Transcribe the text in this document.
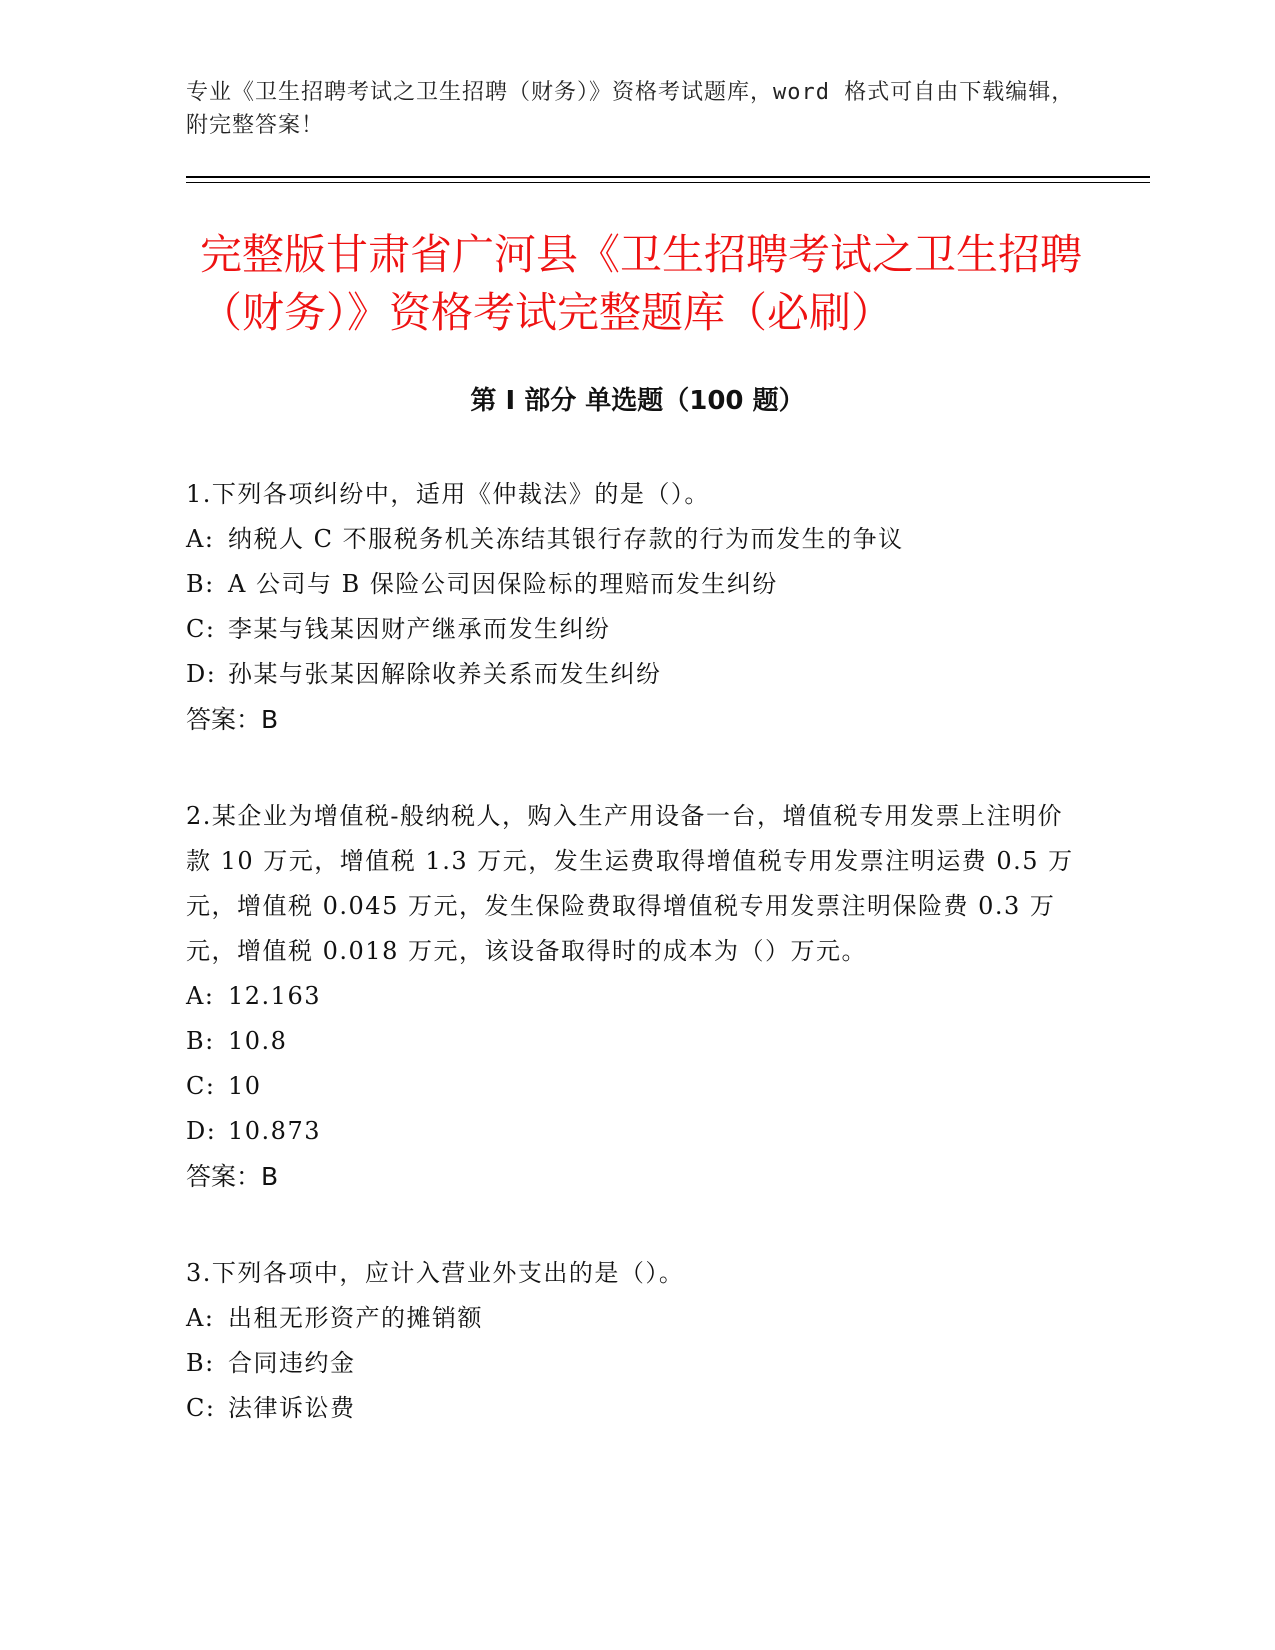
专业《卫生招聘考试之卫生招聘（财务）》资格考试题库，word 格式可自由下载编辑，附完整答案！
完整版甘肃省广河县《卫生招聘考试之卫生招聘（财务）》资格考试完整题库（必刷）
第 I 部分 单选题（100 题）

1.下列各项纠纷中，适用《仲裁法》的是（）。

A: 纳税人 C 不服税务机关冻结其银行存款的行为而发生的争议
B: A 公司与 B 保险公司因保险标的理赔而发生纠纷
C: 李某与钱某因财产继承而发生纠纷
D: 孙某与张某因解除收养关系而发生纠纷
答案：B

2.某企业为增值税-般纳税人，购入生产用设备一台，增值税专用发票上注明价款 10 万元，增值税 1.3 万元，发生运费取得增值税专用发票注明运费 0.5 万元，增值税 0.045 万元，发生保险费取得增值税专用发票注明保险费 0.3 万元，增值税 0.018 万元，该设备取得时的成本为（）万元。

A: 12.163
B: 10.8
C: 10
D: 10.873
答案：B

3.下列各项中，应计入营业外支出的是（）。

A: 出租无形资产的摊销额
B: 合同违约金
C: 法律诉讼费
